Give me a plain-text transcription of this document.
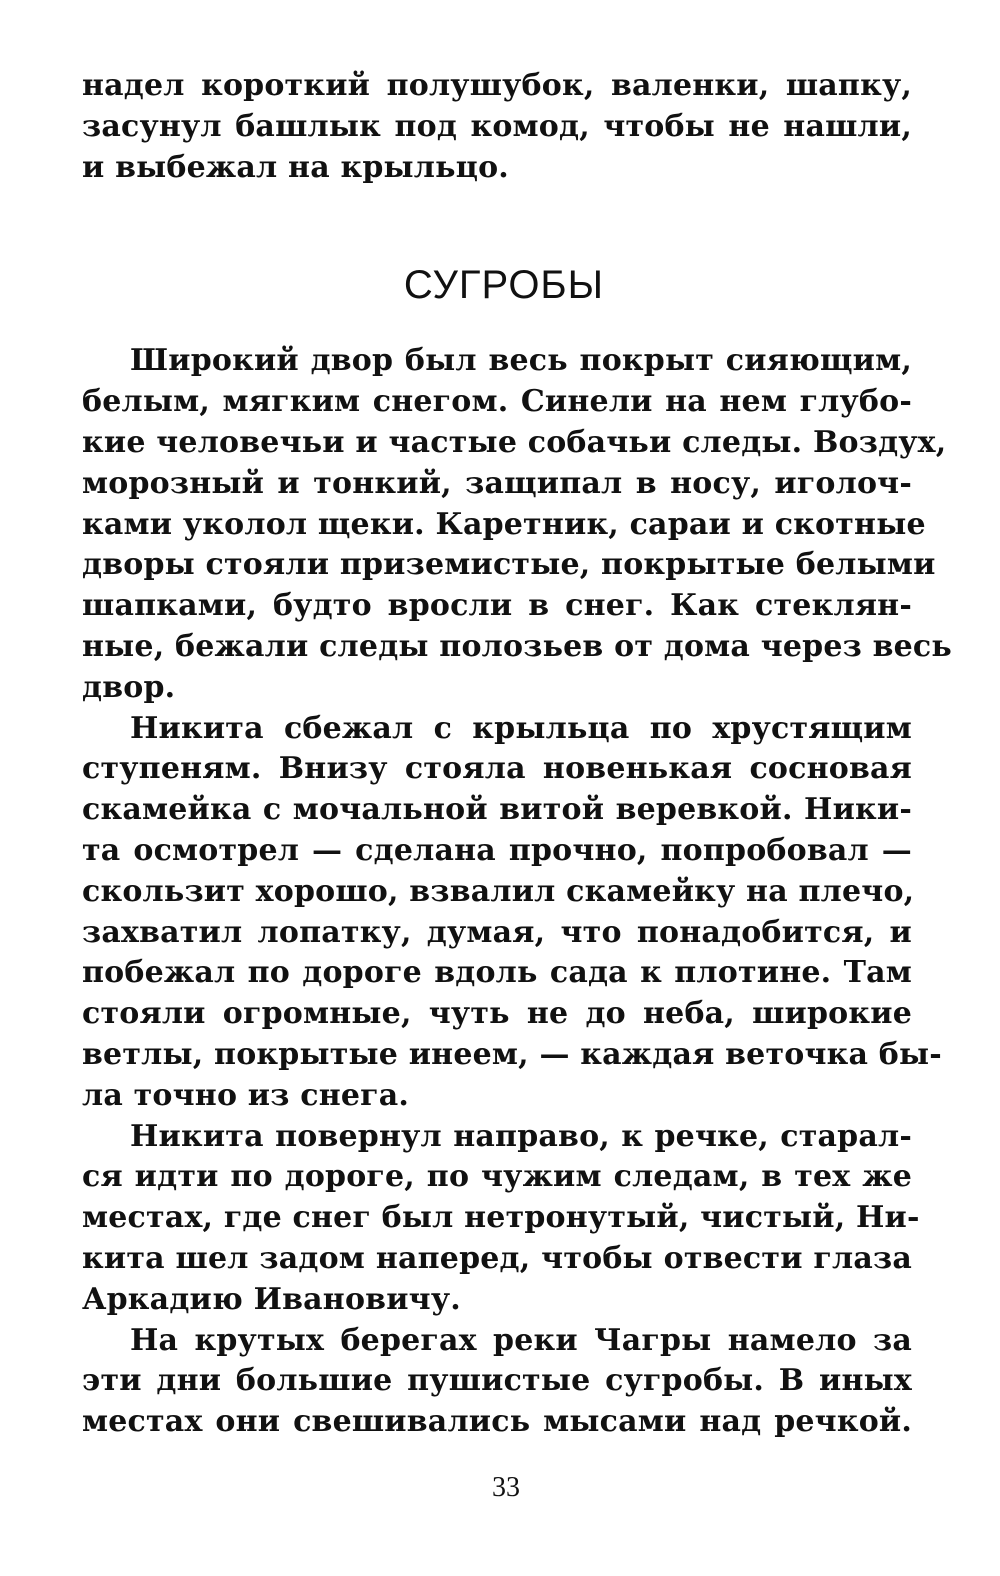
надел короткий полушубок, валенки, шапку,
засунул башлык под комод, чтобы не нашли,
и выбежал на крыльцо.
СУГРОБЫ
Широкий двор был весь покрыт сияющим,
белым, мягким снегом. Синели на нем глубо-
кие человечьи и частые собачьи следы. Воздух,
морозный и тонкий, защипал в носу, иголоч-
ками уколол щеки. Каретник, сараи и скотные
дворы стояли приземистые, покрытые белыми
шапками, будто вросли в снег. Как стеклян-
ные, бежали следы полозьев от дома через весь
двор.
Никита сбежал с крыльца по хрустящим
ступеням. Внизу стояла новенькая сосновая
скамейка с мочальной витой веревкой. Ники-
та осмотрел — сделана прочно, попробовал —
скользит хорошо, взвалил скамейку на плечо,
захватил лопатку, думая, что понадобится, и
побежал по дороге вдоль сада к плотине. Там
стояли огромные, чуть не до неба, широкие
ветлы, покрытые инеем, — каждая веточка бы-
ла точно из снега.
Никита повернул направо, к речке, старал-
ся идти по дороге, по чужим следам, в тех же
местах, где снег был нетронутый, чистый, Ни-
кита шел задом наперед, чтобы отвести глаза
Аркадию Ивановичу.
На крутых берегах реки Чагры намело за
эти дни большие пушистые сугробы. В иных
местах они свешивались мысами над речкой.
33
